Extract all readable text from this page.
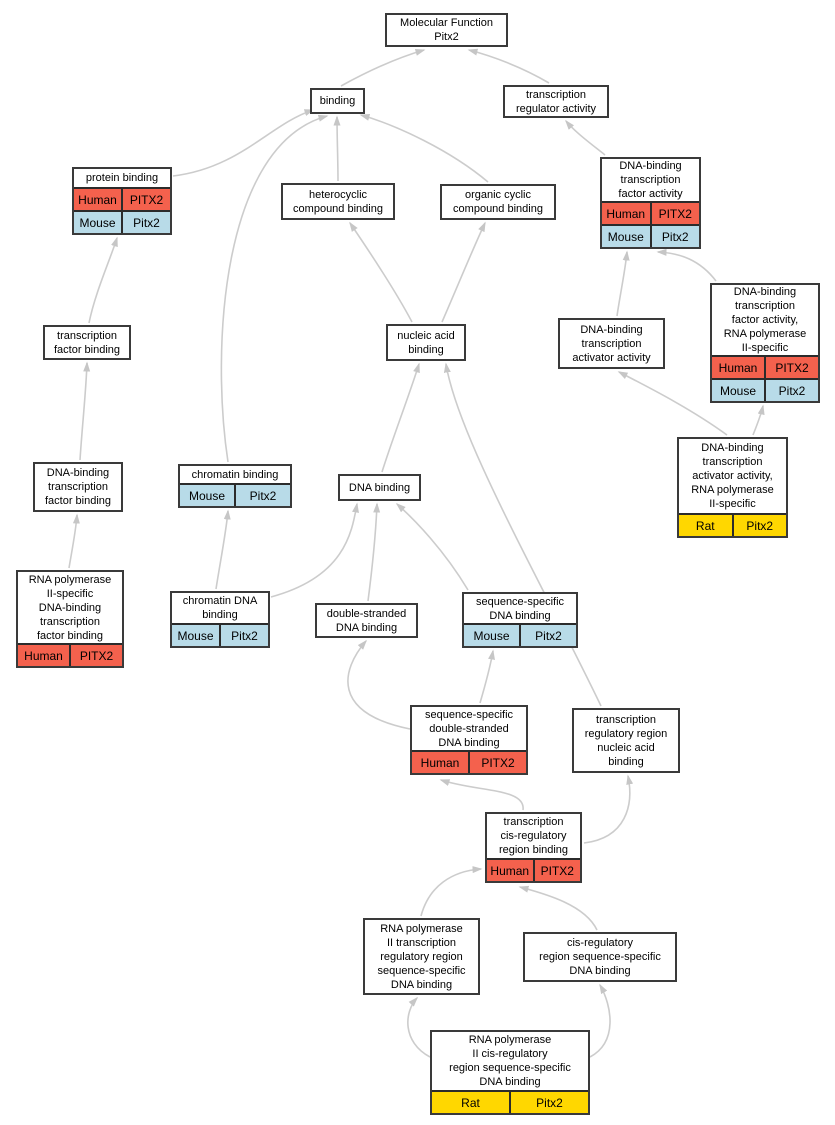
Molecular Function
Pitx2
binding
transcription
regulator activity
protein binding
Human	PITX2
Mouse	Pitx2
heterocyclic
compound binding
organic cyclic
compound binding
DNA-binding
transcription
factor activity
Human	PITX2
Mouse	Pitx2
nucleic acid
binding
DNA-binding
transcription
activator activity
DNA-binding
transcription
factor activity,
RNA polymerase
II-specific
Human	PITX2
Mouse	Pitx2
transcription
factor binding
chromatin binding
Mouse	Pitx2
DNA binding
DNA-binding
transcription
factor binding
DNA-binding
transcription
activator activity,
RNA polymerase
II-specific
Rat	Pitx2
RNA polymerase
II-specific
DNA-binding
transcription
factor binding
Human	PITX2
chromatin DNA
binding
Mouse	Pitx2
double-stranded
DNA binding
sequence-specific
DNA binding
Mouse	Pitx2
sequence-specific
double-stranded
DNA binding
Human	PITX2
transcription
regulatory region
nucleic acid
binding
transcription
cis-regulatory
region binding
Human PITX2
RNA polymerase
II transcription
regulatory region
sequence-specific
DNA binding
cis-regulatory
region sequence-specific
DNA binding
RNA polymerase
II cis-regulatory
region sequence-specific
DNA binding
Rat	Pitx2
